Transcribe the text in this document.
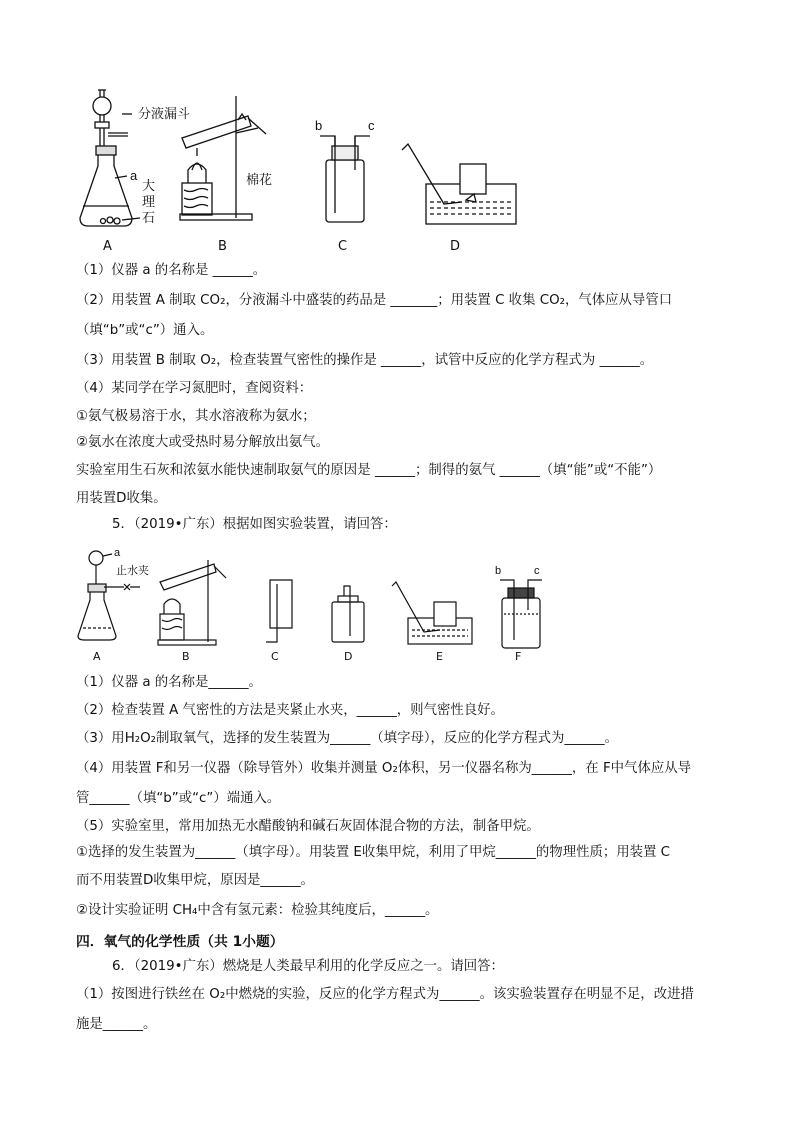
分液漏斗
a
大
理
石
A
棉花
B
b	c
C	D
（1）仪器 a 的名称是 ______。
（2）用装置 A 制取 CO₂，分液漏斗中盛装的药品是 _______；用装置 C 收集 CO₂，气体应从导管口
（填“b”或“c”）通入。
（3）用装置 B 制取 O₂，检查装置气密性的操作是 ______，试管中反应的化学方程式为 ______。
（4）某同学在学习氮肥时，查阅资料：
①氨气极易溶于水，其水溶液称为氨水；
②氨水在浓度大或受热时易分解放出氨气。
实验室用生石灰和浓氨水能快速制取氨气的原因是 ______；制得的氨气 ______（填“能”或“不能”）
用装置D收集。
5．（2019•广东）根据如图实验装置，请回答：
a
止水夹
A	B	C	D	E
b	c
F
（1）仪器 a 的名称是______。
（2）检查装置 A 气密性的方法是夹紧止水夹，______，则气密性良好。
（3）用H₂O₂制取氧气，选择的发生装置为______（填字母），反应的化学方程式为______。
（4）用装置 F和另一仪器（除导管外）收集并测量 O₂体积，另一仪器名称为______，在 F中气体应从导
管______（填“b”或“c”）端通入。
（5）实验室里，常用加热无水醋酸钠和碱石灰固体混合物的方法，制备甲烷。
①选择的发生装置为______（填字母）。用装置 E收集甲烷，利用了甲烷______的物理性质；用装置 C
而不用装置D收集甲烷，原因是______。
②设计实验证明 CH₄中含有氢元素：检验其纯度后，______。
四．氧气的化学性质（共 1小题）
6．（2019•广东）燃烧是人类最早利用的化学反应之一。请回答：
（1）按图进行铁丝在 O₂中燃烧的实验，反应的化学方程式为______。该实验装置存在明显不足，改进措
施是______。
